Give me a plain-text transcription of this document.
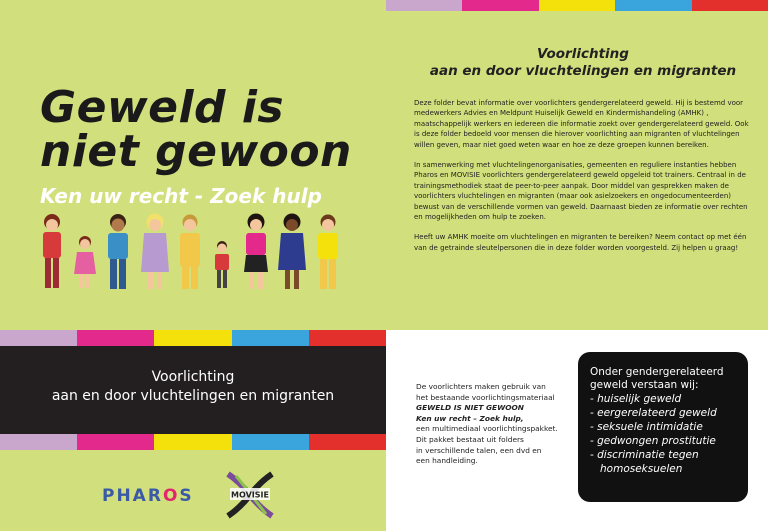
Geweld is
niet gewoon
Ken uw recht - Zoek hulp
Voorlichting
aan en door vluchtelingen en migranten

Deze folder bevat informatie over voorlichters gendergerelateerd geweld. Hij is bestemd voor medewerkers Advies en Meldpunt Huiselijk Geweld en Kindermishandeling (AMHK) , maatschappelijk werkers en iedereen die informatie zoekt over gendergerelateerd geweld. Ook is deze folder bedoeld voor mensen die hierover voorlichting aan migranten of vluchtelingen willen geven, maar niet goed weten waar en hoe ze deze groepen kunnen bereiken.

In samenwerking met vluchtelingenorganisaties, gemeenten en reguliere instanties hebben Pharos en MOVISIE voorlichters gendergerelateerd geweld opgeleid tot trainers. Centraal in de trainingsmethodiek staat de peer-to-peer aanpak. Door middel van gesprekken maken de voorlichters vluchtelingen en migranten (maar ook asielzoekers en ongedocumenteerden) bewust van de verschillende vormen van geweld. Daarnaast bieden ze informatie over rechten en mogelijkheden om hulp te zoeken.

Heeft uw AMHK moeite om vluchtelingen en migranten te bereiken? Neem contact op met één van de getrainde sleutelpersonen die in deze folder worden voorgesteld. Zij helpen u graag!

Voorlichting
aan en door vluchtelingen en migranten
PHAROS	MOVISIE
De voorlichters maken gebruik van
het bestaande voorlichtingsmateriaal
GEWELD IS NIET GEWOON
Ken uw recht – Zoek hulp,
een multimediaal voorlichtingspakket.
Dit pakket bestaat uit folders
in verschillende talen, een dvd en
een handleiding.
Onder gendergerelateerd geweld verstaan wij:
- huiselijk geweld
- eergerelateerd geweld
- seksuele intimidatie
- gedwongen prostitutie
- discriminatie tegen
homoseksuelen
